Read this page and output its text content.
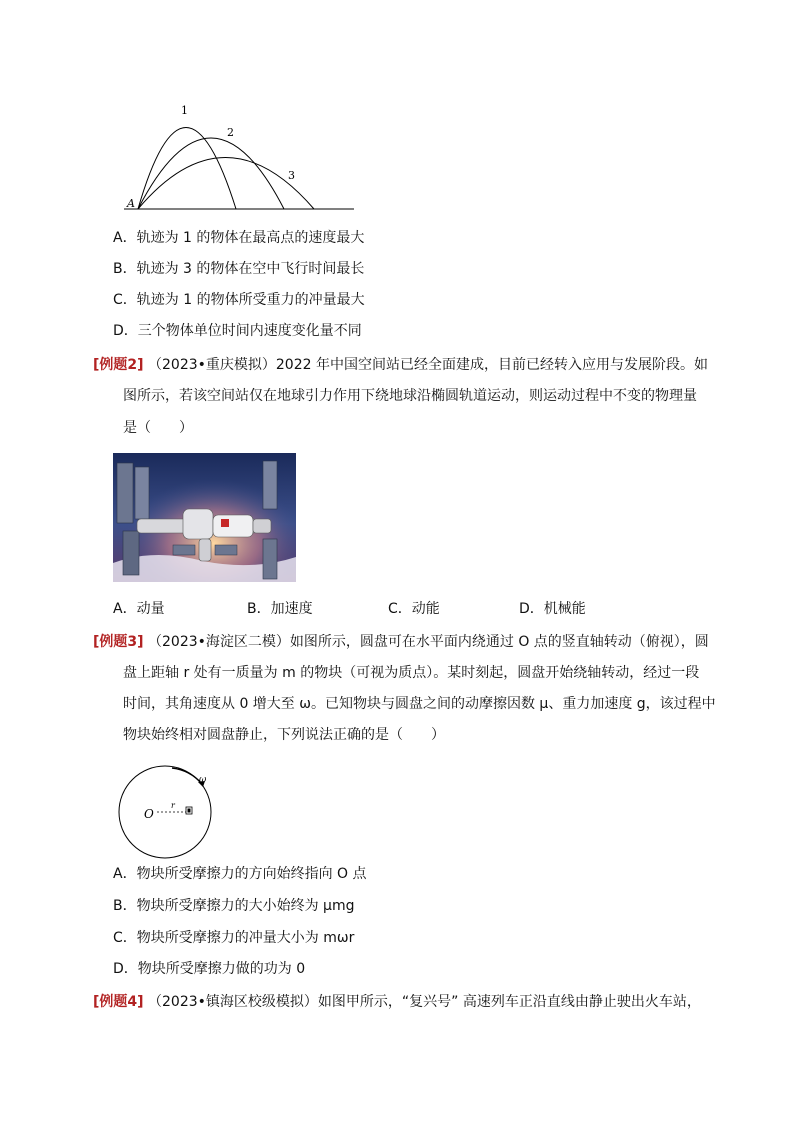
1
2
3
A
A．轨迹为 1 的物体在最高点的速度最大
B．轨迹为 3 的物体在空中飞行时间最长
C．轨迹为 1 的物体所受重力的冲量最大
D．三个物体单位时间内速度变化量不同
[例题2] （2023•重庆模拟）2022 年中国空间站已经全面建成，目前已经转入应用与发展阶段。如
图所示，若该空间站仅在地球引力作用下绕地球沿椭圆轨道运动，则运动过程中不变的物理量
是（　　）
A．动量	B．加速度	C．动能	D．机械能
[例题3] （2023•海淀区二模）如图所示，圆盘可在水平面内绕通过 O 点的竖直轴转动（俯视），圆
盘上距轴 r 处有一质量为 m 的物块（可视为质点）。某时刻起，圆盘开始绕轴转动，经过一段
时间，其角速度从 0 增大至 ω。已知物块与圆盘之间的动摩擦因数 μ、重力加速度 g，该过程中
物块始终相对圆盘静止，下列说法正确的是（　　）
ω
O
r
A．物块所受摩擦力的方向始终指向 O 点
B．物块所受摩擦力的大小始终为 μmg
C．物块所受摩擦力的冲量大小为 mωr
D．物块所受摩擦力做的功为 0
[例题4] （2023•镇海区校级模拟）如图甲所示，“复兴号” 高速列车正沿直线由静止驶出火车站，
